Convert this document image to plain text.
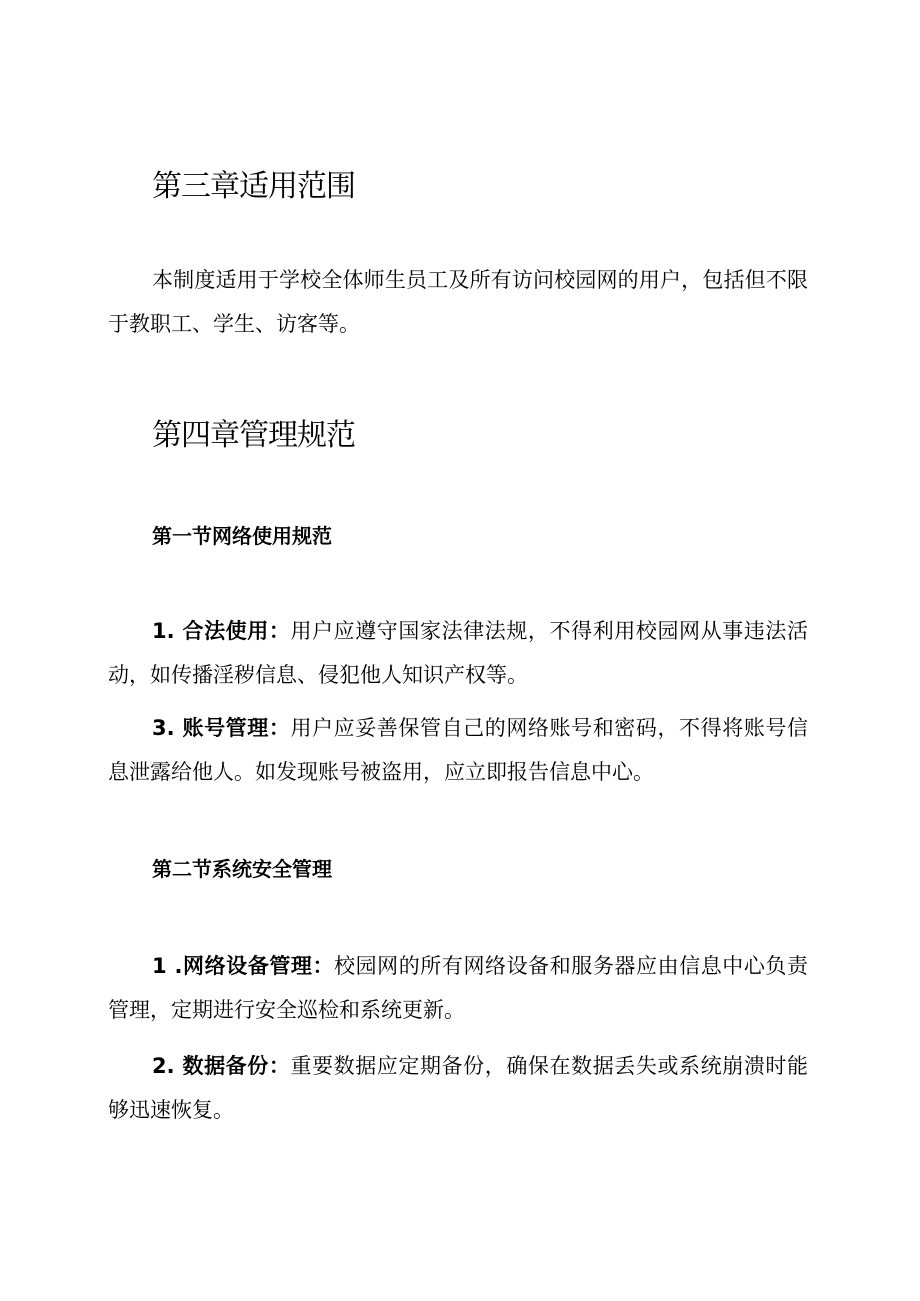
第三章适用范围

本制度适用于学校全体师生员工及所有访问校园网的用户，包括但不限于教职工、学生、访客等。

第四章管理规范
第一节网络使用规范

1. 合法使用：用户应遵守国家法律法规，不得利用校园网从事违法活动，如传播淫秽信息、侵犯他人知识产权等。

3. 账号管理：用户应妥善保管自己的网络账号和密码，不得将账号信息泄露给他人。如发现账号被盗用，应立即报告信息中心。

第二节系统安全管理

1 .网络设备管理：校园网的所有网络设备和服务器应由信息中心负责管理，定期进行安全巡检和系统更新。

2. 数据备份：重要数据应定期备份，确保在数据丢失或系统崩溃时能够迅速恢复。
